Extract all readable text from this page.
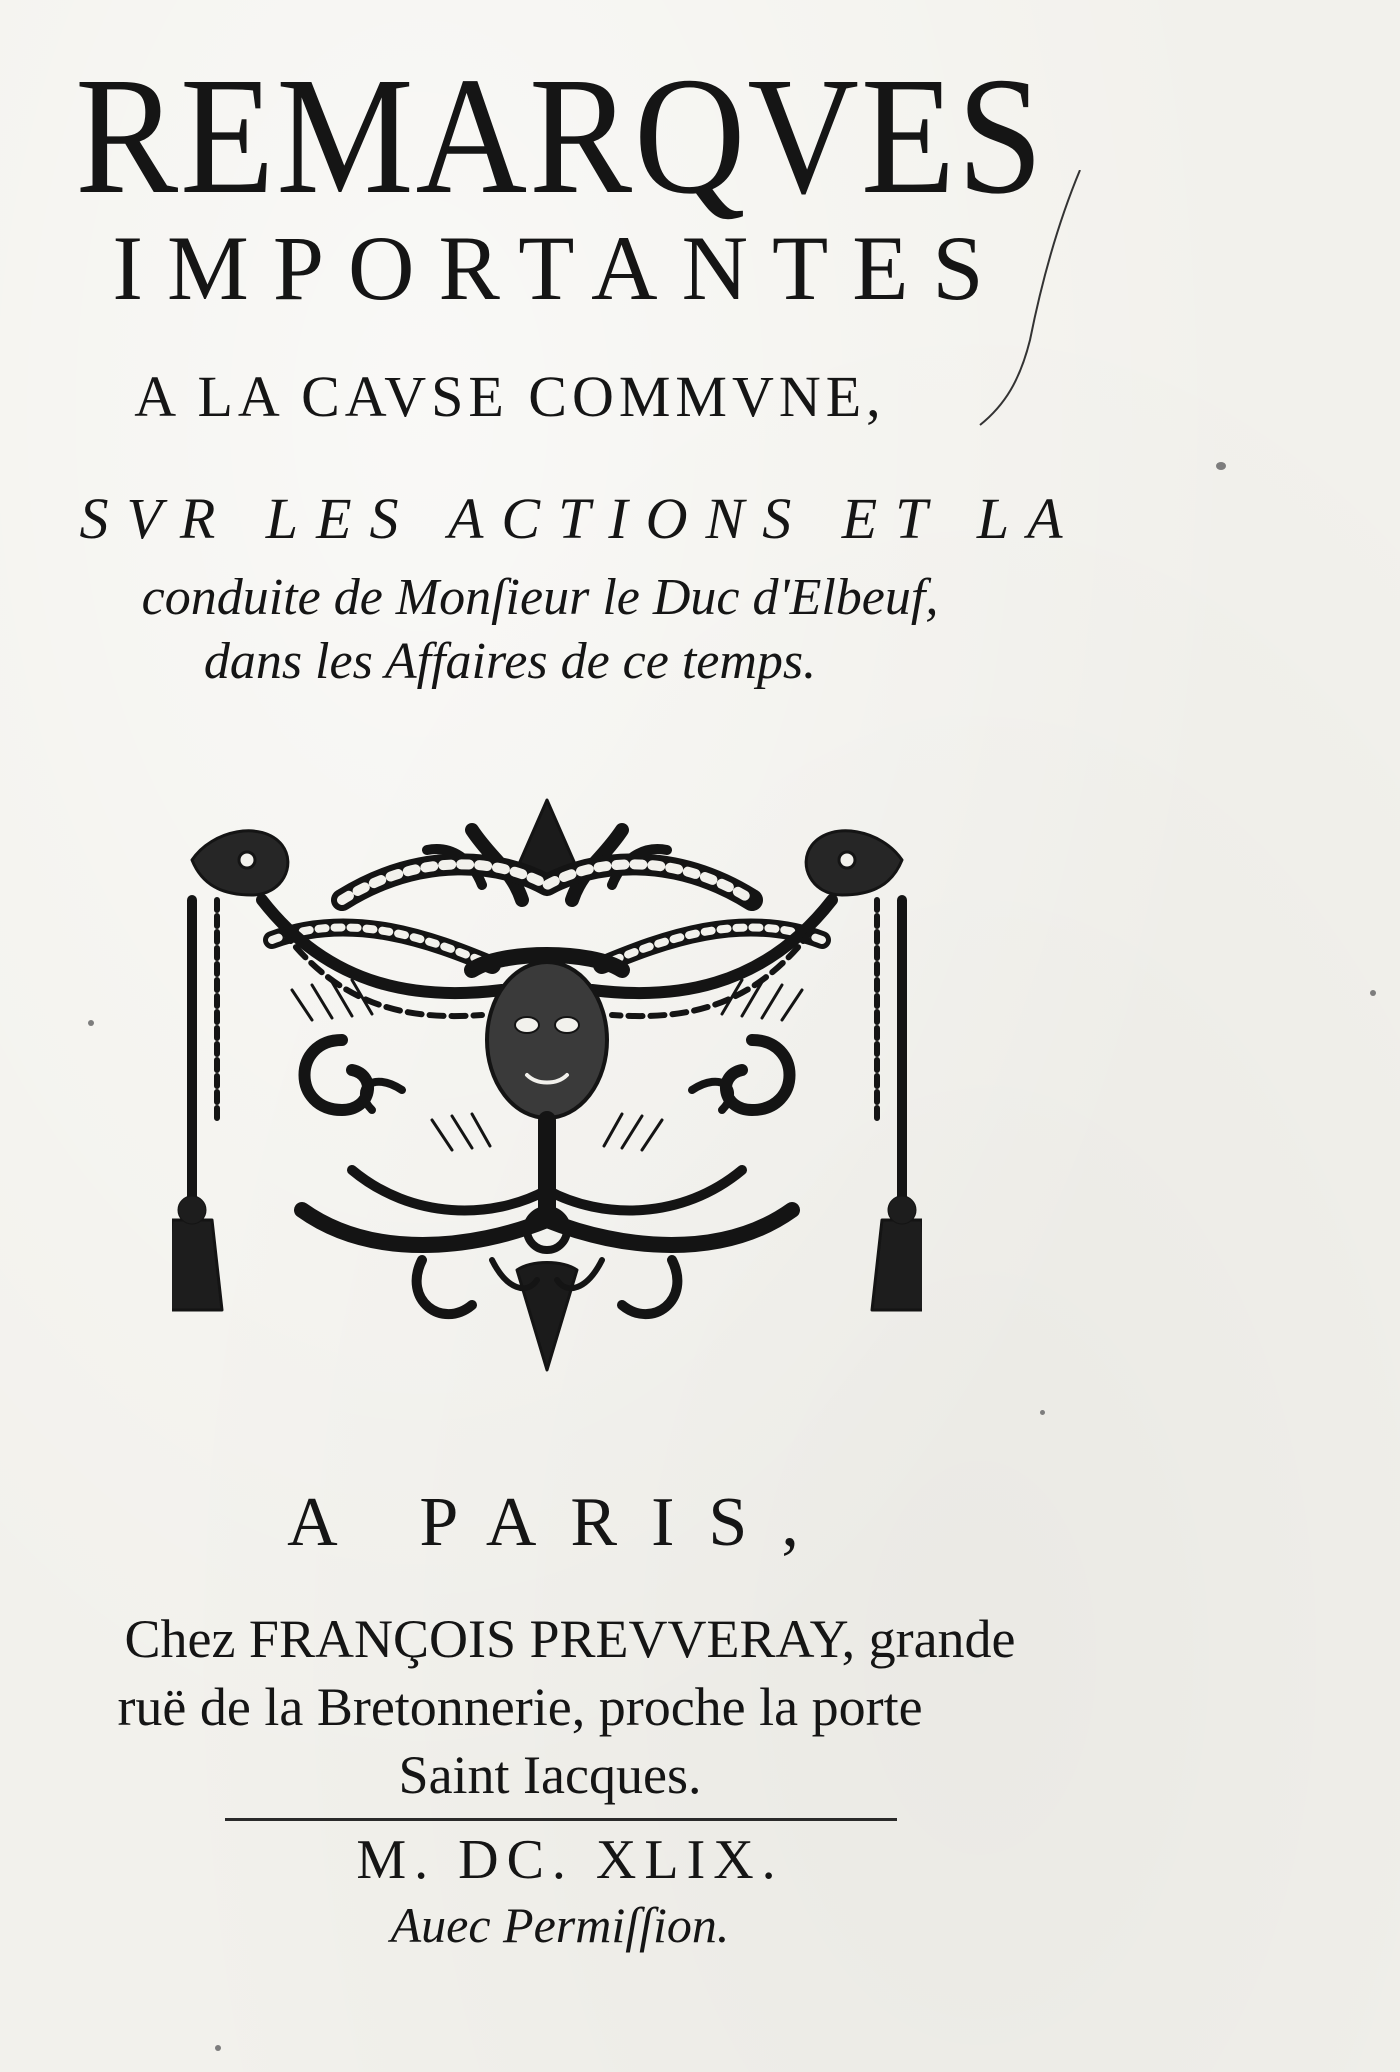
REMARQVES
IMPORTANTES
A LA CAVSE COMMVNE,
SVR LES ACTIONS ET LA
conduite de Monſieur le Duc d'Elbeuf,
dans les Affaires de ce temps.
A PARIS,
Chez FRANÇOIS PREVVERAY, grande
ruë de la Bretonnerie, proche la porte
Saint Iacques.
M. DC. XLIX.
Auec Permiſſion.
